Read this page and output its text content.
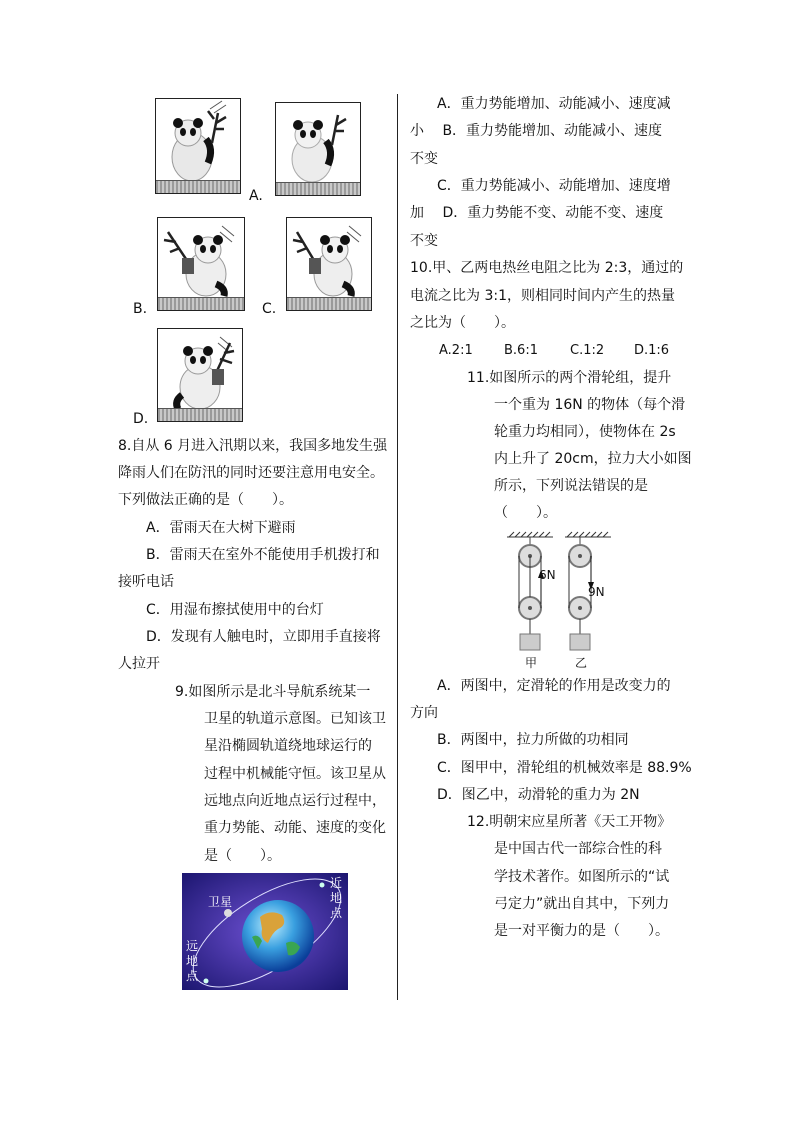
A.
B.	C.
D.
8.自从 6 月进入汛期以来，我国多地发生强
降雨人们在防汛的同时还要注意用电安全。
下列做法正确的是（　　）。
A．雷雨天在大树下避雨
B．雷雨天在室外不能使用手机拨打和
接听电话
C．用湿布擦拭使用中的台灯
D．发现有人触电时，立即用手直接将
人拉开
9.如图所示是北斗导航系统某一
卫星的轨道示意图。已知该卫
星沿椭圆轨道绕地球运行的
过程中机械能守恒。该卫星从
远地点向近地点运行过程中，
重力势能、动能、速度的变化
是（　　）。
卫星
近地点
远地点
A．重力势能增加、动能减小、速度减
小　 B．重力势能增加、动能减小、速度
不变
C．重力势能减小、动能增加、速度增
加　 D．重力势能不变、动能不变、速度
不变
10.甲、乙两电热丝电阻之比为 2:3，通过的
电流之比为 3:1，则相同时间内产生的热量
之比为（　　）。
A.2:1 B.6:1 C.1:2 D.1:6
11.如图所示的两个滑轮组，提升
一个重为 16N 的物体（每个滑
轮重力均相同），使物体在 2s
内上升了 20cm，拉力大小如图
所示，下列说法错误的是
（　　）。
6N
9N
甲	乙
A．两图中，定滑轮的作用是改变力的
方向
B．两图中，拉力所做的功相同
C．图甲中，滑轮组的机械效率是 88.9%
D．图乙中，动滑轮的重力为 2N
12.明朝宋应星所著《天工开物》
是中国古代一部综合性的科
学技术著作。如图所示的“试
弓定力”就出自其中，下列力
是一对平衡力的是（　　）。
